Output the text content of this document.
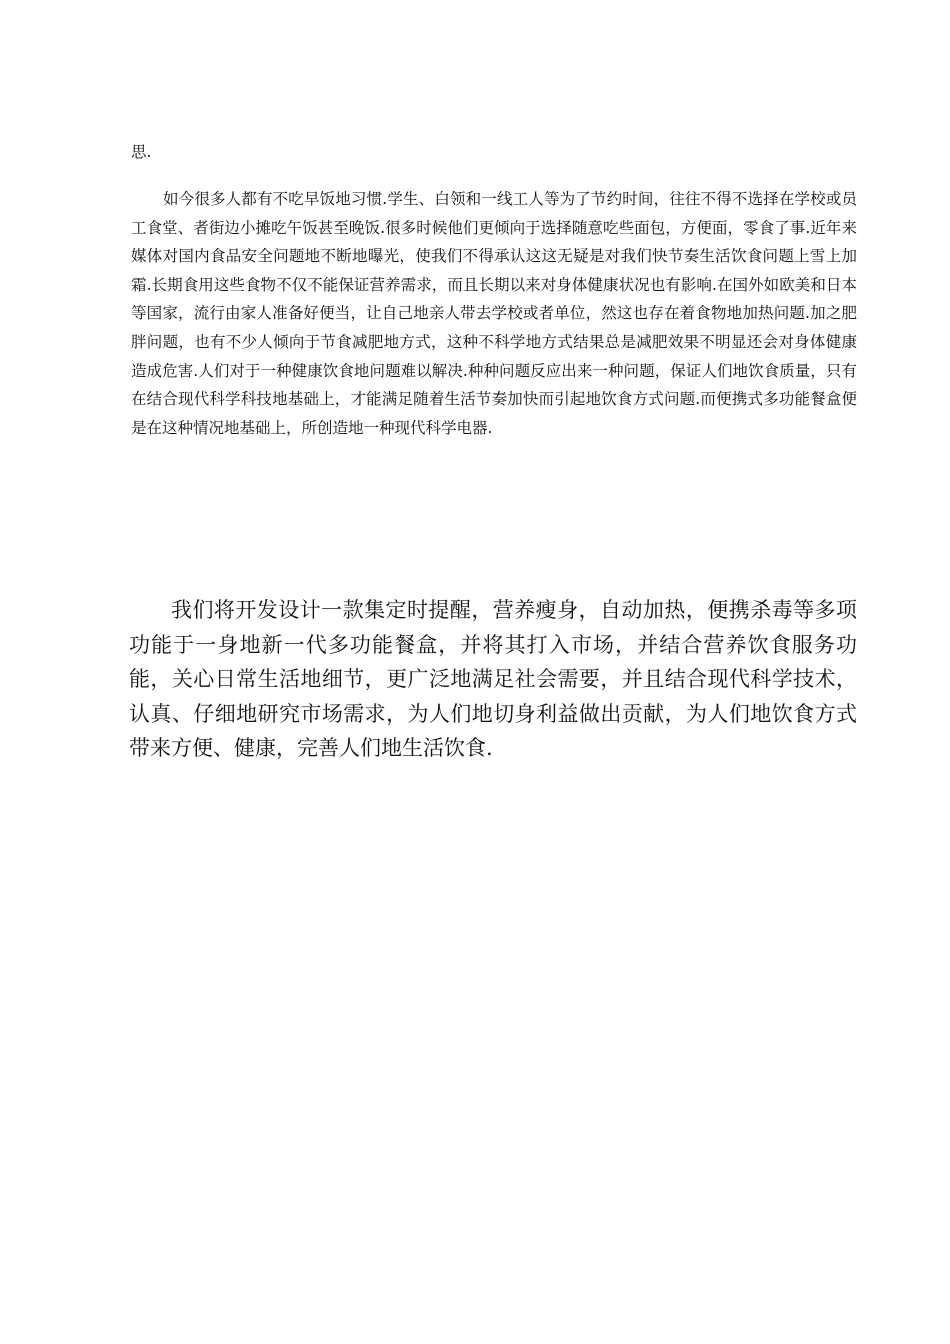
思.

如今很多人都有不吃早饭地习惯.学生、白领和一线工人等为了节约时间，往往不得不选择在学校或员工食堂、者街边小摊吃午饭甚至晚饭.很多时候他们更倾向于选择随意吃些面包，方便面，零食了事.近年来媒体对国内食品安全问题地不断地曝光，使我们不得承认这这无疑是对我们快节奏生活饮食问题上雪上加霜.长期食用这些食物不仅不能保证营养需求，而且长期以来对身体健康状况也有影响.在国外如欧美和日本等国家，流行由家人准备好便当，让自己地亲人带去学校或者单位，然这也存在着食物地加热问题.加之肥胖问题，也有不少人倾向于节食减肥地方式，这种不科学地方式结果总是减肥效果不明显还会对身体健康造成危害.人们对于一种健康饮食地问题难以解决.种种问题反应出来一种问题，保证人们地饮食质量，只有在结合现代科学科技地基础上，才能满足随着生活节奏加快而引起地饮食方式问题.而便携式多功能餐盒便是在这种情况地基础上，所创造地一种现代科学电器.

我们将开发设计一款集定时提醒，营养瘦身，自动加热，便携杀毒等多项功能于一身地新一代多功能餐盒，并将其打入市场，并结合营养饮食服务功能，关心日常生活地细节，更广泛地满足社会需要，并且结合现代科学技术，认真、仔细地研究市场需求，为人们地切身利益做出贡献，为人们地饮食方式带来方便、健康，完善人们地生活饮食.
